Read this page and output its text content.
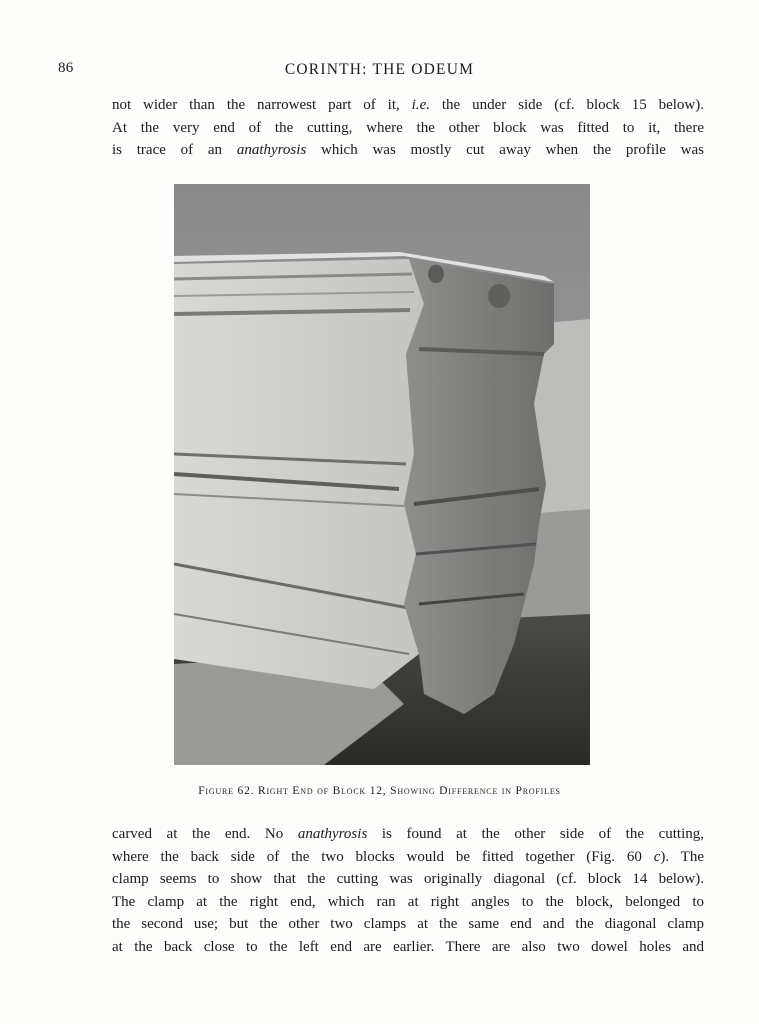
86	CORINTH: THE ODEUM
not wider than the narrowest part of it, i.e. the under side (cf. block 15 below).
At the very end of the cutting, where the other block was fitted to it, there
is trace of an anathyrosis which was mostly cut away when the profile was
Figure 62. Right End of Block 12, Showing Difference in Profiles
carved at the end. No anathyrosis is found at the other side of the cutting,
where the back side of the two blocks would be fitted together (Fig. 60 c). The
clamp seems to show that the cutting was originally diagonal (cf. block 14 below).
The clamp at the right end, which ran at right angles to the block, belonged to
the second use; but the other two clamps at the same end and the diagonal clamp
at the back close to the left end are earlier. There are also two dowel holes and
